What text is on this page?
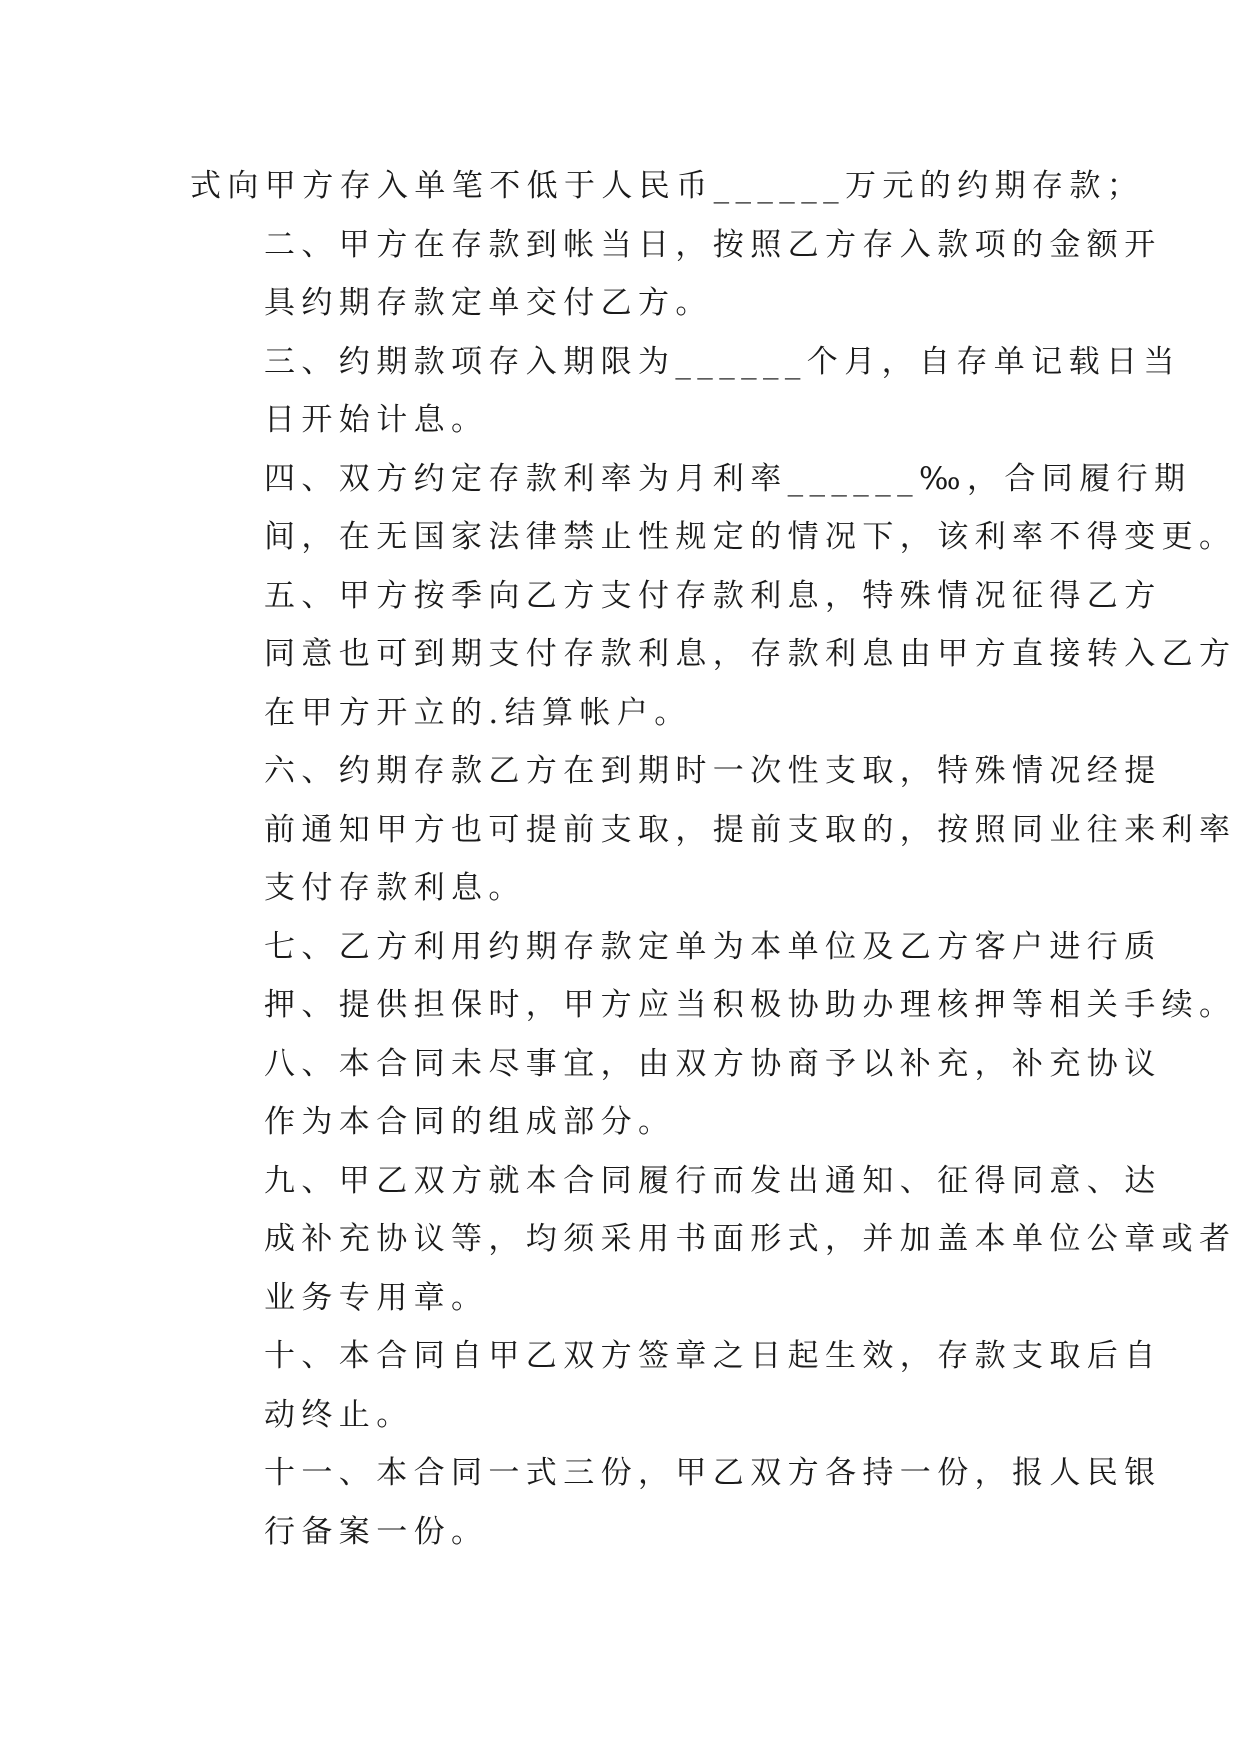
式向甲方存入单笔不低于人民币______万元的约期存款；

二、甲方在存款到帐当日，按照乙方存入款项的金额开
具约期存款定单交付乙方。

三、约期款项存入期限为______个月，自存单记载日当
日开始计息。

四、双方约定存款利率为月利率______‰，合同履行期
间，在无国家法律禁止性规定的情况下，该利率不得变更。

五、甲方按季向乙方支付存款利息，特殊情况征得乙方
同意也可到期支付存款利息，存款利息由甲方直接转入乙方
在甲方开立的.结算帐户。

六、约期存款乙方在到期时一次性支取，特殊情况经提
前通知甲方也可提前支取，提前支取的，按照同业往来利率
支付存款利息。

七、乙方利用约期存款定单为本单位及乙方客户进行质
押、提供担保时，甲方应当积极协助办理核押等相关手续。

八、本合同未尽事宜，由双方协商予以补充，补充协议
作为本合同的组成部分。

九、甲乙双方就本合同履行而发出通知、征得同意、达
成补充协议等，均须采用书面形式，并加盖本单位公章或者
业务专用章。

十、本合同自甲乙双方签章之日起生效，存款支取后自
动终止。

十一、本合同一式三份，甲乙双方各持一份，报人民银
行备案一份。
